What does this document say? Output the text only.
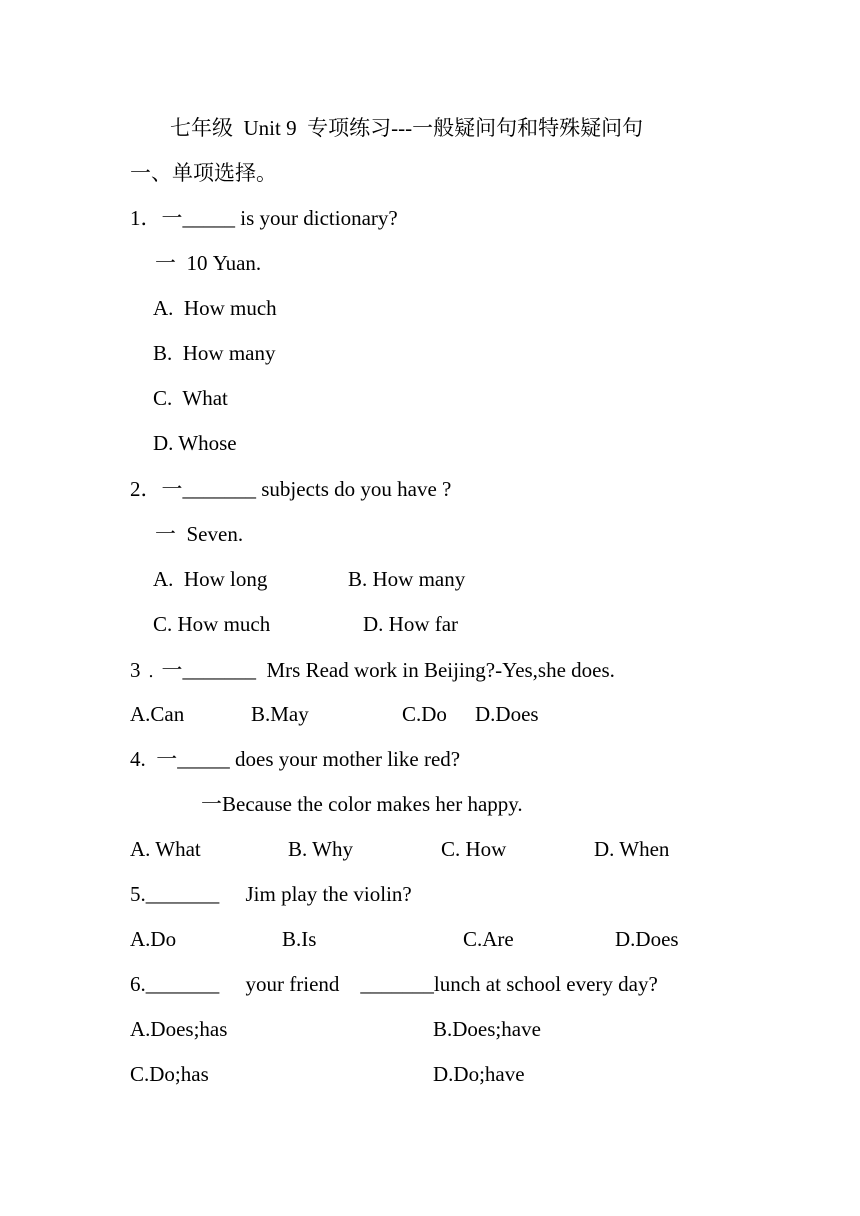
七年级  Unit 9  专项练习---一般疑问句和特殊疑问句
一、单项选择。
1．一_____ is your dictionary?
一  10 Yuan.
A.  How much
B.  How many
C.  What
D. Whose
2．一_______ subjects do you have ?
一  Seven.
A.  How long	B. How many
C. How much	D. How far
3﹒一_______  Mrs Read work in Beijing?-Yes,she does.
A.Can	B.May	C.Do D.Does
4.  一_____ does your mother like red?
一Because the color makes her happy.
A. What	B. Why	C. How	D. When
5._______     Jim play the violin?
A.Do	B.Is	C.Are	D.Does
6._______     your friend    _______lunch at school every day?
A.Does;has	B.Does;have
C.Do;has	D.Do;have
